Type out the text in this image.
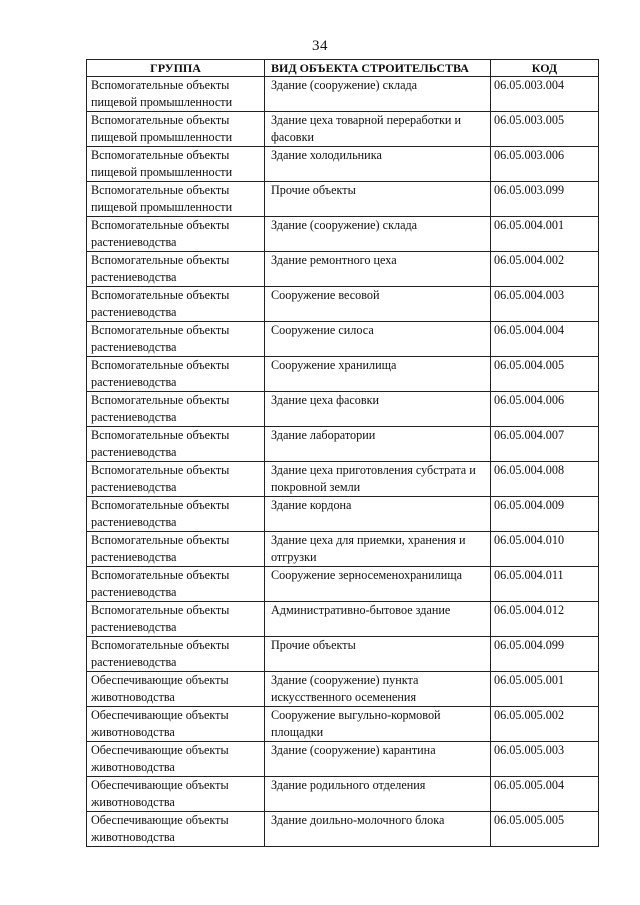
34
ГРУППА	ВИД ОБЪЕКТА СТРОИТЕЛЬСТВА	КОД
Вспомогательные объекты пищевой промышленности	Здание (сооружение) склада	06.05.003.004
Вспомогательные объекты пищевой промышленности	Здание цеха товарной переработки и фасовки	06.05.003.005
Вспомогательные объекты пищевой промышленности	Здание холодильника	06.05.003.006
Вспомогательные объекты пищевой промышленности	Прочие объекты	06.05.003.099
Вспомогательные объекты растениеводства	Здание (сооружение) склада	06.05.004.001
Вспомогательные объекты растениеводства	Здание ремонтного цеха	06.05.004.002
Вспомогательные объекты растениеводства	Сооружение весовой	06.05.004.003
Вспомогательные объекты растениеводства	Сооружение силоса	06.05.004.004
Вспомогательные объекты растениеводства	Сооружение хранилища	06.05.004.005
Вспомогательные объекты растениеводства	Здание цеха фасовки	06.05.004.006
Вспомогательные объекты растениеводства	Здание лаборатории	06.05.004.007
Вспомогательные объекты растениеводства	Здание цеха приготовления субстрата и покровной земли	06.05.004.008
Вспомогательные объекты растениеводства	Здание кордона	06.05.004.009
Вспомогательные объекты растениеводства	Здание цеха для приемки, хранения и отгрузки	06.05.004.010
Вспомогательные объекты растениеводства	Сооружение зерносеменохранилища	06.05.004.011
Вспомогательные объекты растениеводства	Административно-бытовое здание	06.05.004.012
Вспомогательные объекты растениеводства	Прочие объекты	06.05.004.099
Обеспечивающие объекты животноводства	Здание (сооружение) пункта искусственного осеменения	06.05.005.001
Обеспечивающие объекты животноводства	Сооружение выгульно-кормовой площадки	06.05.005.002
Обеспечивающие объекты животноводства	Здание (сооружение) карантина	06.05.005.003
Обеспечивающие объекты животноводства	Здание родильного отделения	06.05.005.004
Обеспечивающие объекты животноводства	Здание доильно-молочного блока	06.05.005.005
